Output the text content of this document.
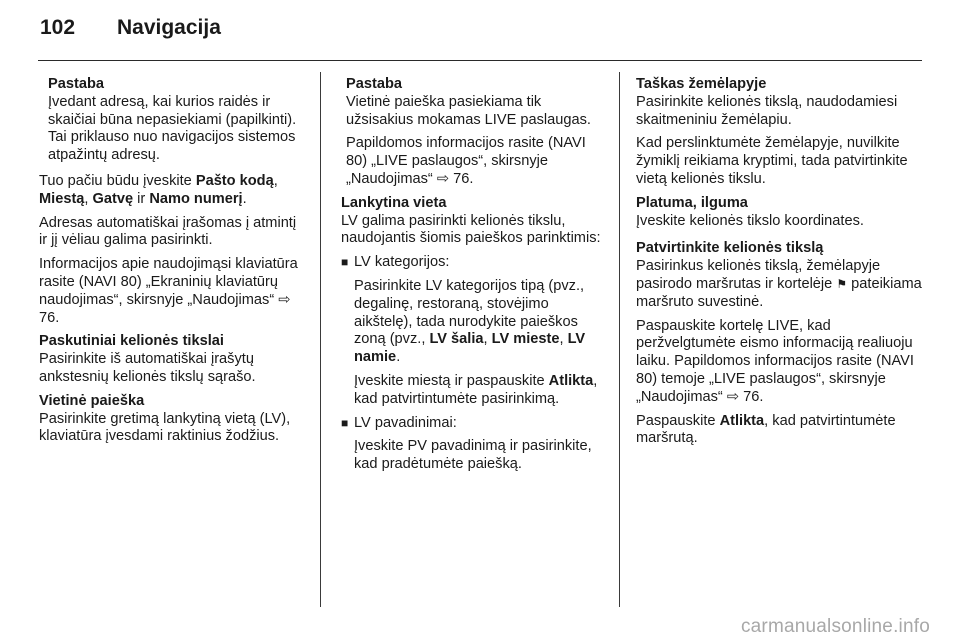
102 Navigacija
Pastaba
Įvedant adresą, kai kurios raidės ir skaičiai būna nepasiekiami (papilkinti). Tai priklauso nuo navigacijos sistemos atpažintų adresų.

Tuo pačiu būdu įveskite Pašto kodą, Miestą, Gatvę ir Namo numerį.

Adresas automatiškai įrašomas į atmintį ir jį vėliau galima pasirinkti.

Informacijos apie naudojimąsi klaviatūra rasite (NAVI 80) „Ekraninių klaviatūrų naudojimas“, skirsnyje „Naudojimas“ ⇨ 76.

Paskutiniai kelionės tikslai
Pasirinkite iš automatiškai įrašytų ankstesnių kelionės tikslų sąrašo.
Vietinė paieška
Pasirinkite gretimą lankytiną vietą (LV), klaviatūra įvesdami raktinius žodžius.
Pastaba

Vietinė paieška pasiekiama tik užsisakius mokamas LIVE paslaugas.

Papildomos informacijos rasite (NAVI 80) „LIVE paslaugos“, skirsnyje „Naudojimas“ ⇨ 76.

Lankytina vieta
LV galima pasirinkti kelionės tikslu, naudojantis šiomis paieškos parinktimis:
■ LV kategorijos:

Pasirinkite LV kategorijos tipą (pvz., degalinę, restoraną, stovėjimo aikštelę), tada nurodykite paieškos zoną (pvz., LV šalia, LV mieste, LV namie.

Įveskite miestą ir paspauskite Atlikta, kad patvirtintumėte pasirinkimą.

■ LV pavadinimai:

Įveskite PV pavadinimą ir pasirinkite, kad pradėtumėte paiešką.

Taškas žemėlapyje

Pasirinkite kelionės tikslą, naudodamiesi skaitmeniniu žemėlapiu.

Kad perslinktumėte žemėlapyje, nuvilkite žymiklį reikiama kryptimi, tada patvirtinkite vietą kelionės tikslu.
Platuma, ilguma
Įveskite kelionės tikslo koordinates.
Patvirtinkite kelionės tikslą

Pasirinkus kelionės tikslą, žemėlapyje pasirodo maršrutas ir kortelėje ⚑ pateikiama maršruto suvestinė.

Paspauskite kortelę LIVE, kad peržvelgtumėte eismo informaciją realiuoju laiku. Papildomos informacijos rasite (NAVI 80) temoje „LIVE paslaugos“, skirsnyje „Naudojimas“ ⇨ 76.

Paspauskite Atlikta, kad patvirtintumėte maršrutą.

carmanualsonline.info
